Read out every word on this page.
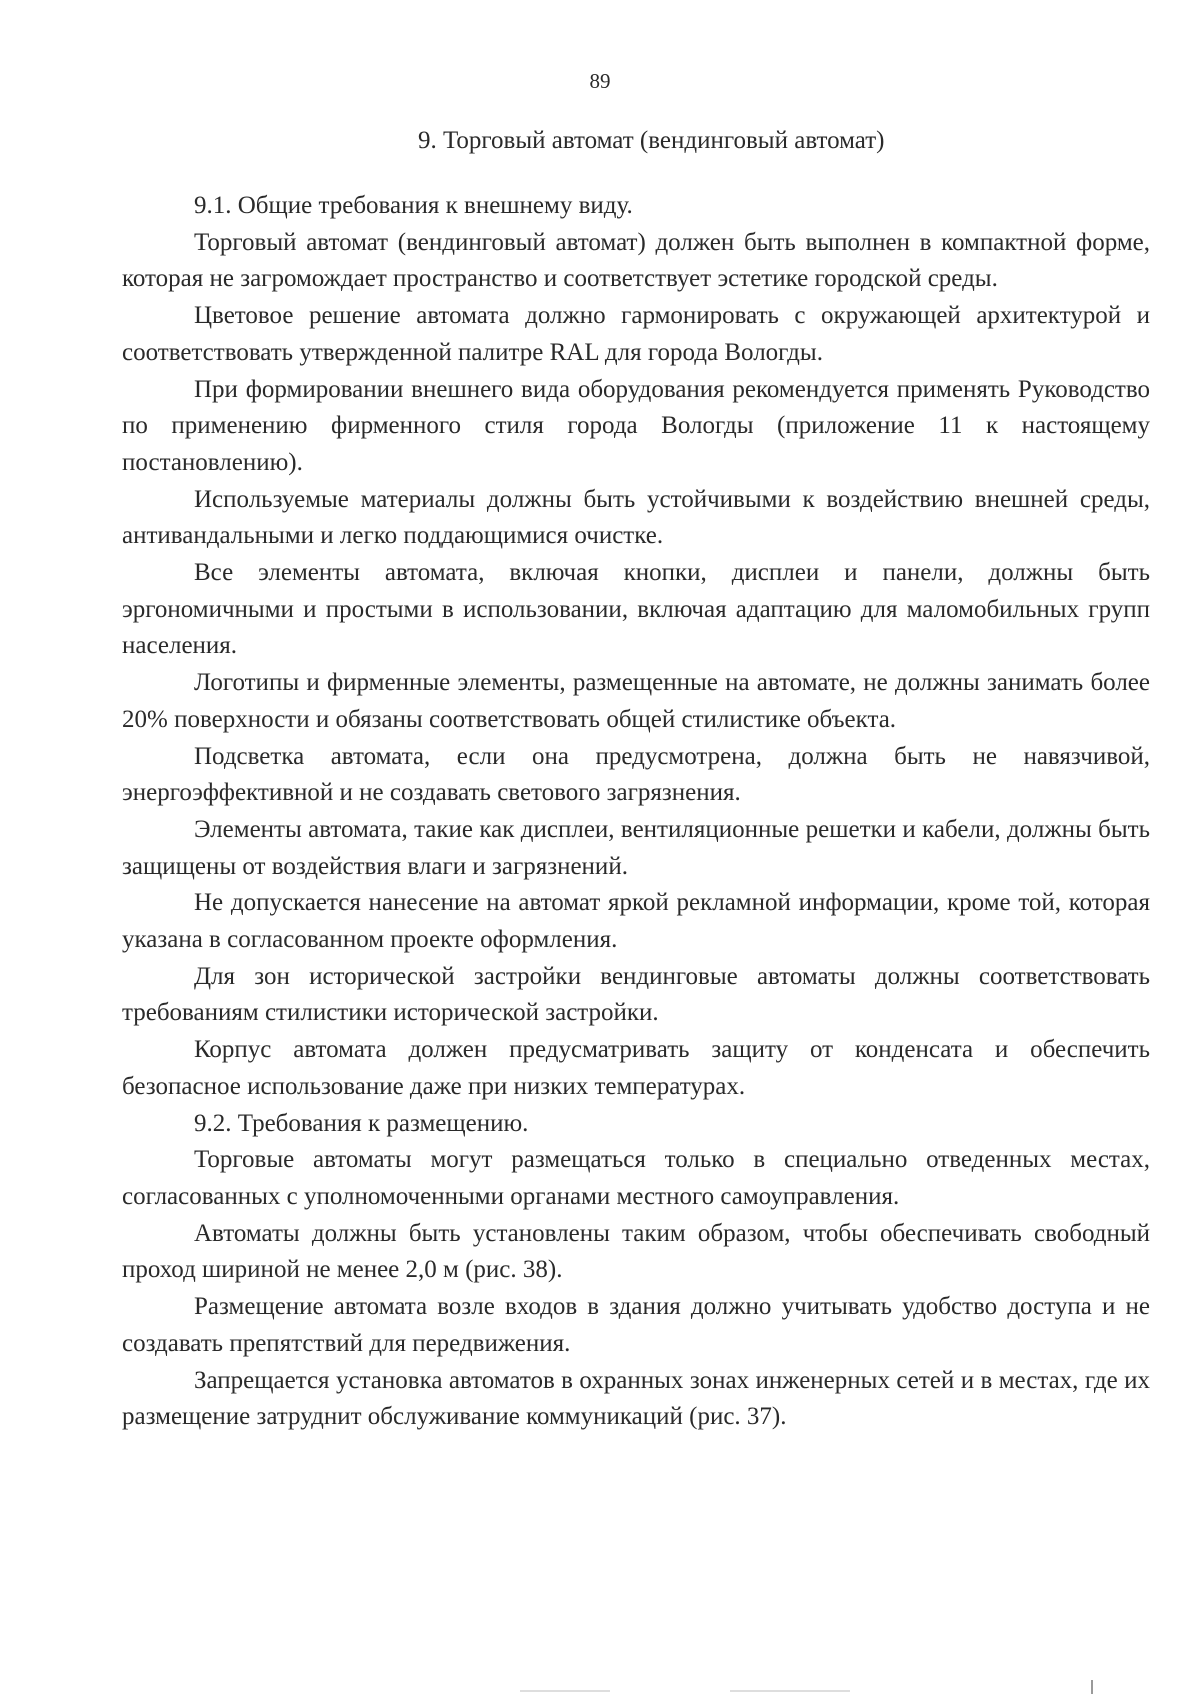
89
9. Торговый автомат (вендинговый автомат)

9.1. Общие требования к внешнему виду.

Торговый автомат (вендинговый автомат) должен быть выполнен в компактной форме, которая не загромождает пространство и соответствует эстетике городской среды.

Цветовое решение автомата должно гармонировать с окружающей архитектурой и соответствовать утвержденной палитре RAL для города Вологды.

При формировании внешнего вида оборудования рекомендуется применять Руководство по применению фирменного стиля города Вологды (приложение 11 к настоящему постановлению).

Используемые материалы должны быть устойчивыми к воздействию внешней среды, антивандальными и легко поддающимися очистке.

Все элементы автомата, включая кнопки, дисплеи и панели, должны быть эргономичными и простыми в использовании, включая адаптацию для маломобильных групп населения.

Логотипы и фирменные элементы, размещенные на автомате, не должны занимать более 20% поверхности и обязаны соответствовать общей стилистике объекта.

Подсветка автомата, если она предусмотрена, должна быть не навязчивой, энергоэффективной и не создавать светового загрязнения.

Элементы автомата, такие как дисплеи, вентиляционные решетки и кабели, должны быть защищены от воздействия влаги и загрязнений.

Не допускается нанесение на автомат яркой рекламной информации, кроме той, которая указана в согласованном проекте оформления.

Для зон исторической застройки вендинговые автоматы должны соответствовать требованиям стилистики исторической застройки.

Корпус автомата должен предусматривать защиту от конденсата и обеспечить безопасное использование даже при низких температурах.

9.2. Требования к размещению.

Торговые автоматы могут размещаться только в специально отведенных местах, согласованных с уполномоченными органами местного самоуправления.

Автоматы должны быть установлены таким образом, чтобы обеспечивать свободный проход шириной не менее 2,0 м (рис. 38).

Размещение автомата возле входов в здания должно учитывать удобство доступа и не создавать препятствий для передвижения.

Запрещается установка автоматов в охранных зонах инженерных сетей и в местах, где их размещение затруднит обслуживание коммуникаций (рис. 37).
